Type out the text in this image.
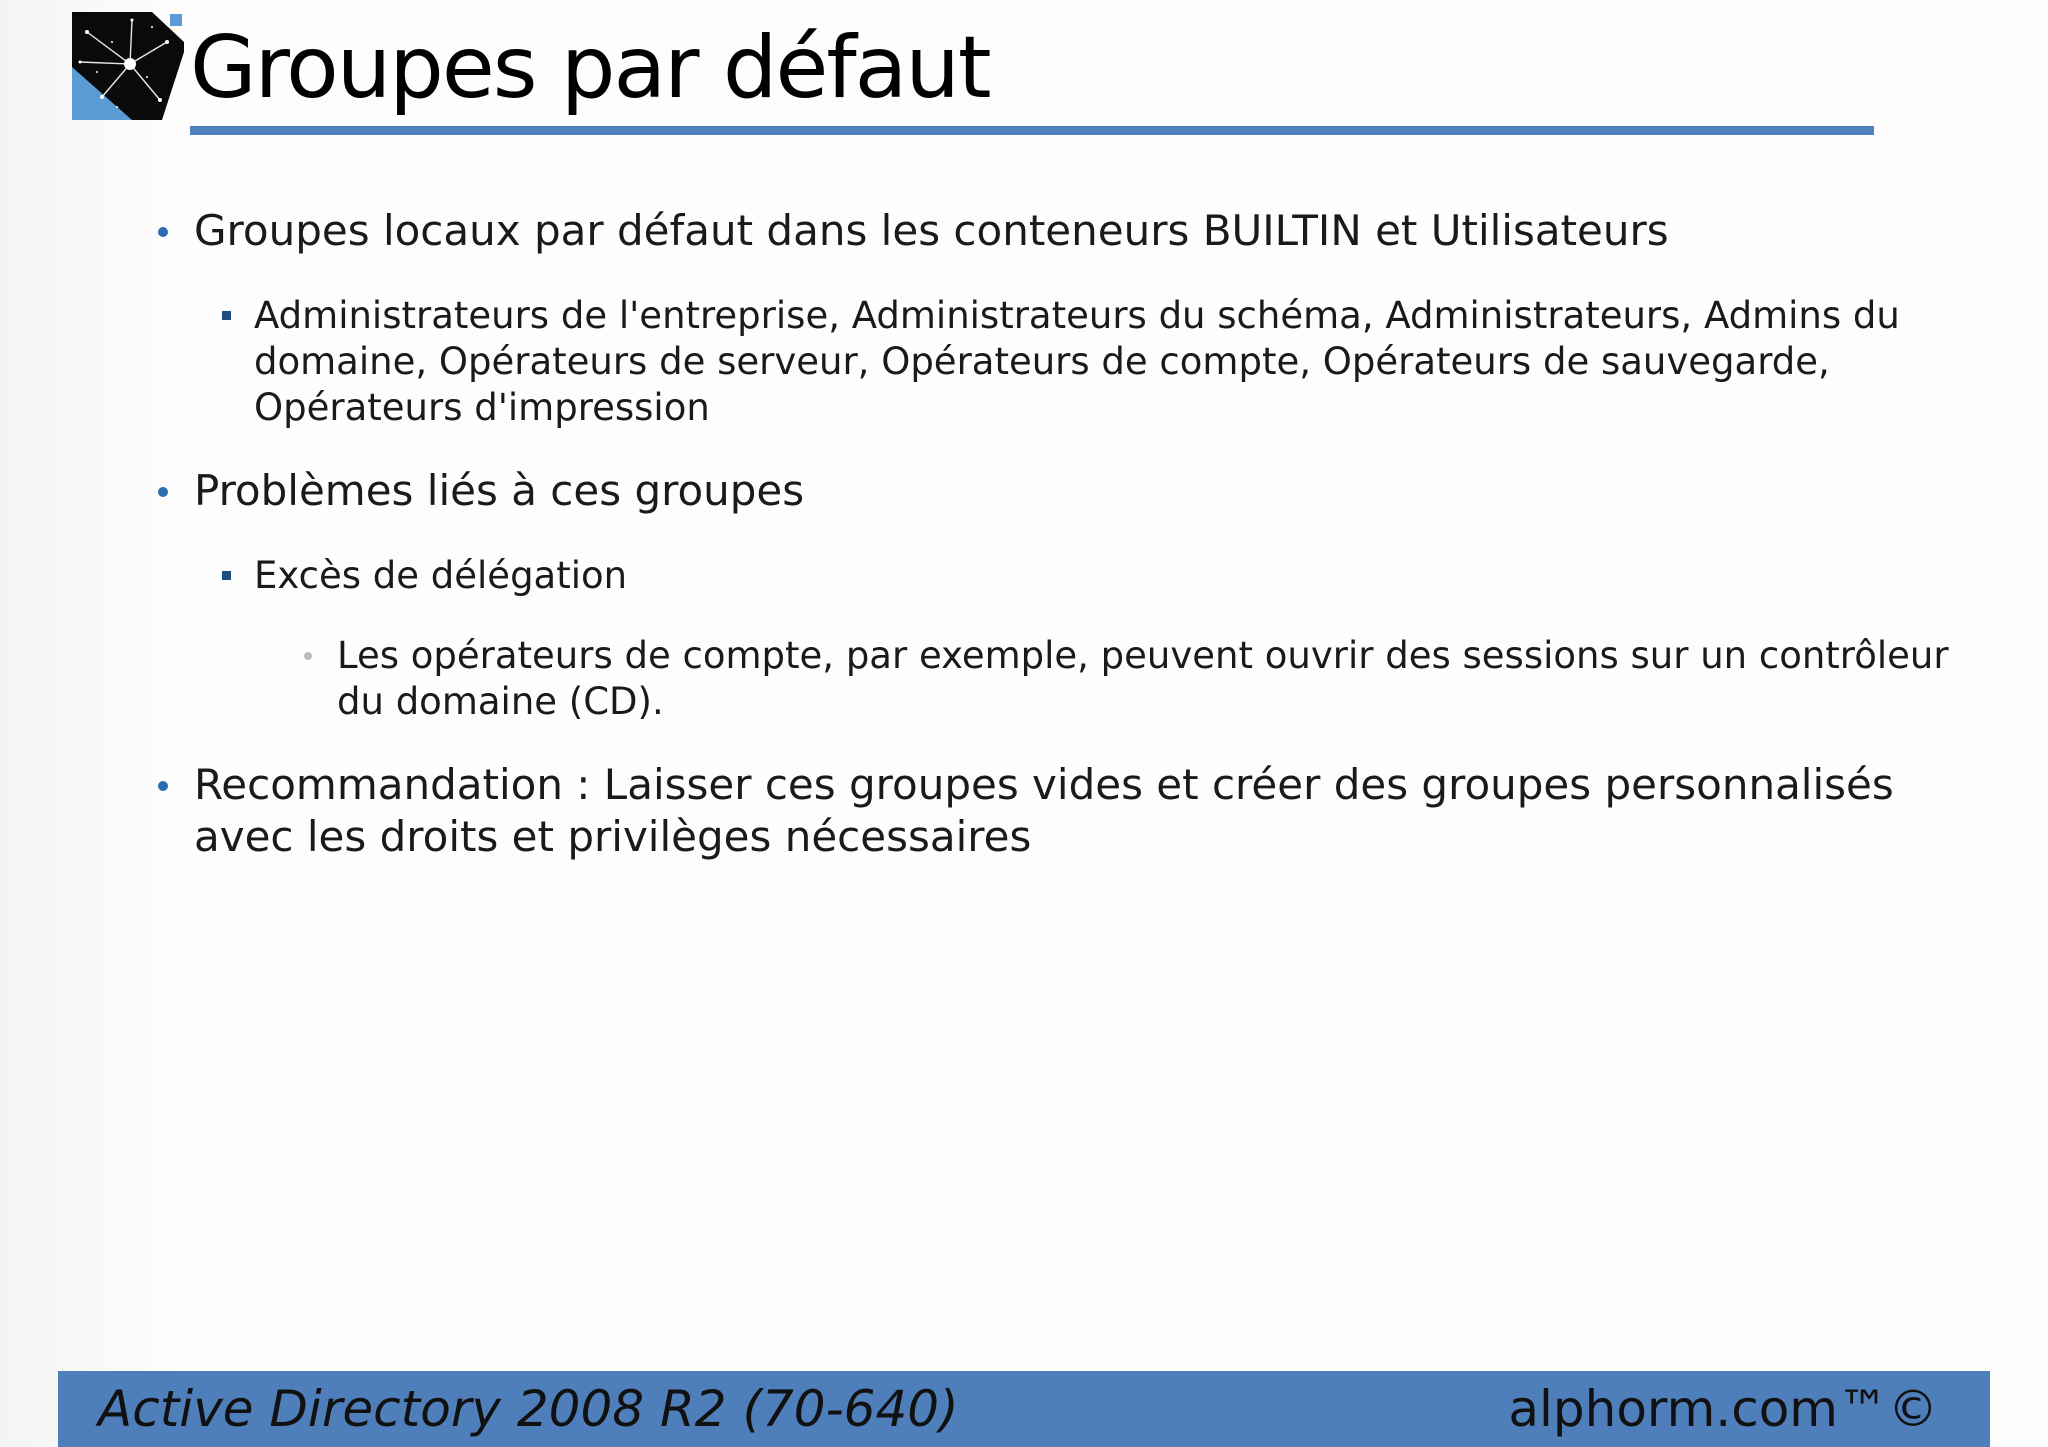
Groupes par défaut
Groupes locaux par défaut dans les conteneurs BUILTIN et Utilisateurs
Administrateurs de l'entreprise, Administrateurs du schéma, Administrateurs, Admins du domaine, Opérateurs de serveur, Opérateurs de compte, Opérateurs de sauvegarde, Opérateurs d'impression
Problèmes liés à ces groupes
Excès de délégation
Les opérateurs de compte, par exemple, peuvent ouvrir des sessions sur un contrôleur du domaine (CD).
Recommandation : Laisser ces groupes vides et créer des groupes personnalisés avec les droits et privilèges nécessaires
Active Directory 2008 R2 (70-640)	alphorm.com™©
